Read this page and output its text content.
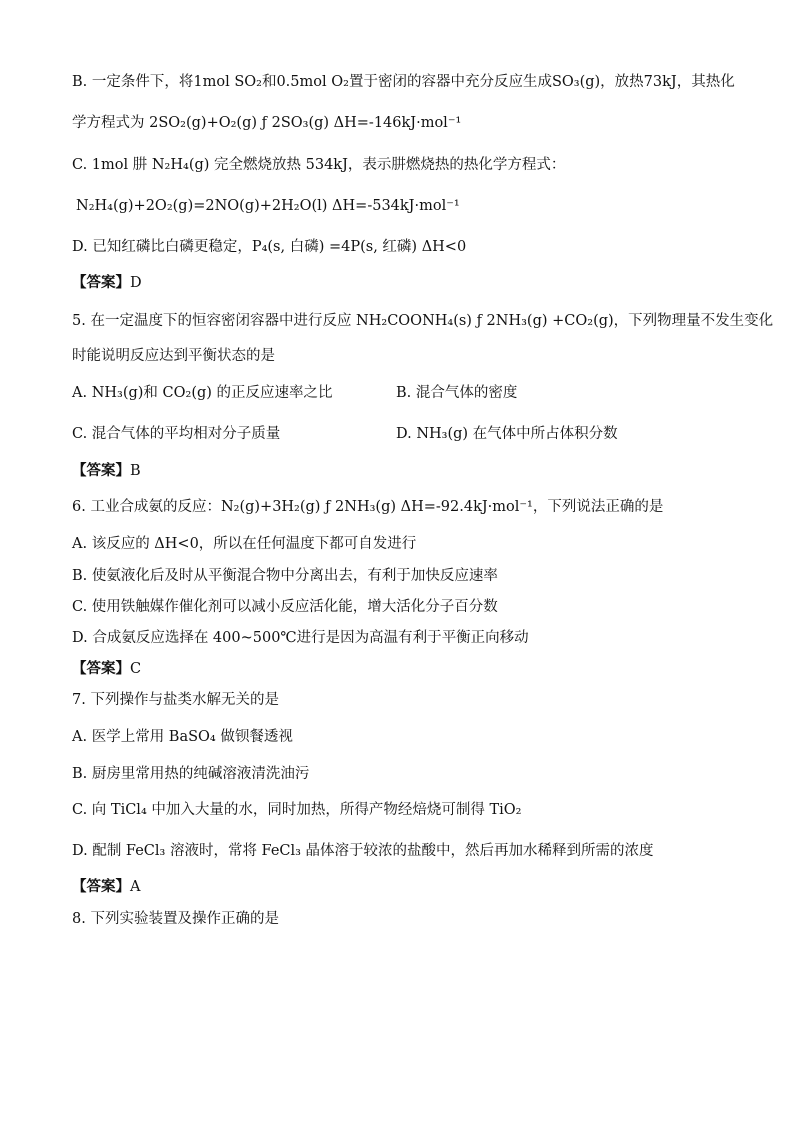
B. 一定条件下，将1mol SO₂和0.5mol O₂置于密闭的容器中充分反应生成SO₃(g)，放热73kJ，其热化
学方程式为 2SO₂(g)+O₂(g) ƒ 2SO₃(g) ΔH=-146kJ·mol⁻¹
C. 1mol 肼 N₂H₄(g) 完全燃烧放热 534kJ，表示肼燃烧热的热化学方程式：
N₂H₄(g)+2O₂(g)=2NO(g)+2H₂O(l) ΔH=-534kJ·mol⁻¹
D. 已知红磷比白磷更稳定，P₄(s, 白磷) =4P(s, 红磷) ΔH<0
【答案】D
5. 在一定温度下的恒容密闭容器中进行反应 NH₂COONH₄(s) ƒ 2NH₃(g) +CO₂(g)，下列物理量不发生变化
时能说明反应达到平衡状态的是
A. NH₃(g)和 CO₂(g) 的正反应速率之比	B. 混合气体的密度
C. 混合气体的平均相对分子质量	D. NH₃(g) 在气体中所占体积分数
【答案】B
6. 工业合成氨的反应：N₂(g)+3H₂(g) ƒ 2NH₃(g) ΔH=-92.4kJ·mol⁻¹，下列说法正确的是
A. 该反应的 ΔH<0，所以在任何温度下都可自发进行
B. 使氨液化后及时从平衡混合物中分离出去，有利于加快反应速率
C. 使用铁触媒作催化剂可以减小反应活化能，增大活化分子百分数
D. 合成氨反应选择在 400~500℃进行是因为高温有利于平衡正向移动
【答案】C
7. 下列操作与盐类水解无关的是
A. 医学上常用 BaSO₄ 做钡餐透视
B. 厨房里常用热的纯碱溶液清洗油污
C. 向 TiCl₄ 中加入大量的水，同时加热，所得产物经焙烧可制得 TiO₂
D. 配制 FeCl₃ 溶液时，常将 FeCl₃ 晶体溶于较浓的盐酸中，然后再加水稀释到所需的浓度
【答案】A
8. 下列实验装置及操作正确的是
